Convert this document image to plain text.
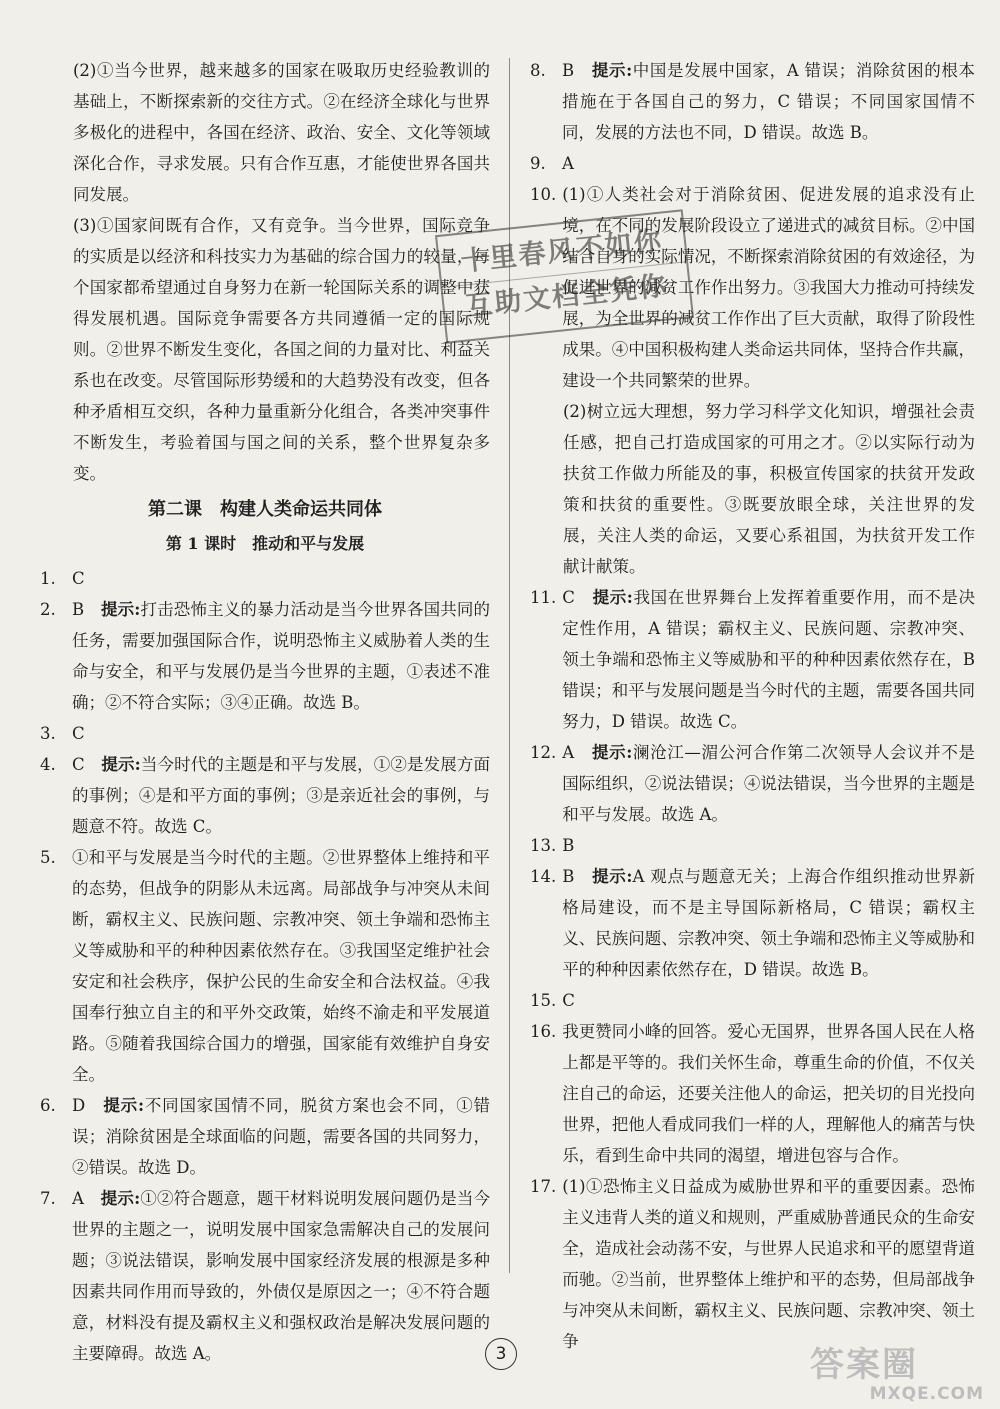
(2)①当今世界，越来越多的国家在吸取历史经验教训的基础上，不断探索新的交往方式。②在经济全球化与世界多极化的进程中，各国在经济、政治、安全、文化等领域深化合作，寻求发展。只有合作互惠，才能使世界各国共同发展。

(3)①国家间既有合作，又有竞争。当今世界，国际竞争的实质是以经济和科技实力为基础的综合国力的较量，每个国家都希望通过自身努力在新一轮国际关系的调整中获得发展机遇。国际竞争需要各方共同遵循一定的国际规则。②世界不断发生变化，各国之间的力量对比、利益关系也在改变。尽管国际形势缓和的大趋势没有改变，但各种矛盾相互交织，各种力量重新分化组合，各类冲突事件不断发生，考验着国与国之间的关系，整个世界复杂多变。

第二课　构建人类命运共同体
第 1 课时　推动和平与发展
1. C
2. B　 提示:打击恐怖主义的暴力活动是当今世界各国共同的任务，需要加强国际合作，说明恐怖主义威胁着人类的生命与安全，和平与发展仍是当今世界的主题，①表述不准确；②不符合实际；③④正确。故选 B。
3. C
4. C　 提示:当今时代的主题是和平与发展，①②是发展方面的事例；④是和平方面的事例；③是亲近社会的事例，与题意不符。故选 C。
5. ①和平与发展是当今时代的主题。②世界整体上维持和平的态势，但战争的阴影从未远离。局部战争与冲突从未间断，霸权主义、民族问题、宗教冲突、领土争端和恐怖主义等威胁和平的种种因素依然存在。③我国坚定维护社会安定和社会秩序，保护公民的生命安全和合法权益。④我国奉行独立自主的和平外交政策，始终不渝走和平发展道路。⑤随着我国综合国力的增强，国家能有效维护自身安全。
6. D　 提示:不同国家国情不同，脱贫方案也会不同，①错误；消除贫困是全球面临的问题，需要各国的共同努力，②错误。故选 D。
7. A　 提示:①②符合题意，题干材料说明发展问题仍是当今世界的主题之一，说明发展中国家急需解决自己的发展问题；③说法错误，影响发展中国家经济发展的根源是多种因素共同作用而导致的，外债仅是原因之一；④不符合题意，材料没有提及霸权主义和强权政治是解决发展问题的主要障碍。故选 A。
8. B　 提示:中国是发展中国家，A 错误；消除贫困的根本措施在于各国自己的努力，C 错误；不同国家国情不同，发展的方法也不同，D 错误。故选 B。
9. A
10. (1)①人类社会对于消除贫困、促进发展的追求没有止境，在不同的发展阶段设立了递进式的减贫目标。②中国结合自身的实际情况，不断探索消除贫困的有效途径，为促进世界的减贫工作作出努力。③我国大力推动可持续发展，为全世界的减贫工作作出了巨大贡献，取得了阶段性成果。④中国积极构建人类命运共同体，坚持合作共赢，建设一个共同繁荣的世界。

(2)树立远大理想，努力学习科学文化知识，增强社会责任感，把自己打造成国家的可用之才。②以实际行动为扶贫工作做力所能及的事，积极宣传国家的扶贫开发政策和扶贫的重要性。③既要放眼全球，关注世界的发展，关注人类的命运，又要心系祖国，为扶贫开发工作献计献策。

11. C　 提示:我国在世界舞台上发挥着重要作用，而不是决定性作用，A 错误；霸权主义、民族问题、宗教冲突、领土争端和恐怖主义等威胁和平的种种因素依然存在，B 错误；和平与发展问题是当今时代的主题，需要各国共同努力，D 错误。故选 C。
12. A　 提示:澜沧江—湄公河合作第二次领导人会议并不是国际组织，②说法错误；④说法错误，当今世界的主题是和平与发展。故选 A。
13. B
14. B　 提示:A 观点与题意无关；上海合作组织推动世界新格局建设，而不是主导国际新格局，C 错误；霸权主义、民族问题、宗教冲突、领土争端和恐怖主义等威胁和平的种种因素依然存在，D 错误。故选 B。
15. C
16. 我更赞同小峰的回答。爱心无国界，世界各国人民在人格上都是平等的。我们关怀生命，尊重生命的价值，不仅关注自己的命运，还要关注他人的命运，把关切的目光投向世界，把他人看成同我们一样的人，理解他人的痛苦与快乐，看到生命中共同的渴望，增进包容与合作。
17. (1)①恐怖主义日益成为威胁世界和平的重要因素。恐怖主义违背人类的道义和规则，严重威胁普通民众的生命安全，造成社会动荡不安，与世界人民追求和平的愿望背道而驰。②当前，世界整体上维护和平的态势，但局部战争与冲突从未间断，霸权主义、民族问题、宗教冲突、领土争
十里春风不如你
互助文档全凭你
3	答案圈
MXQE.COM
